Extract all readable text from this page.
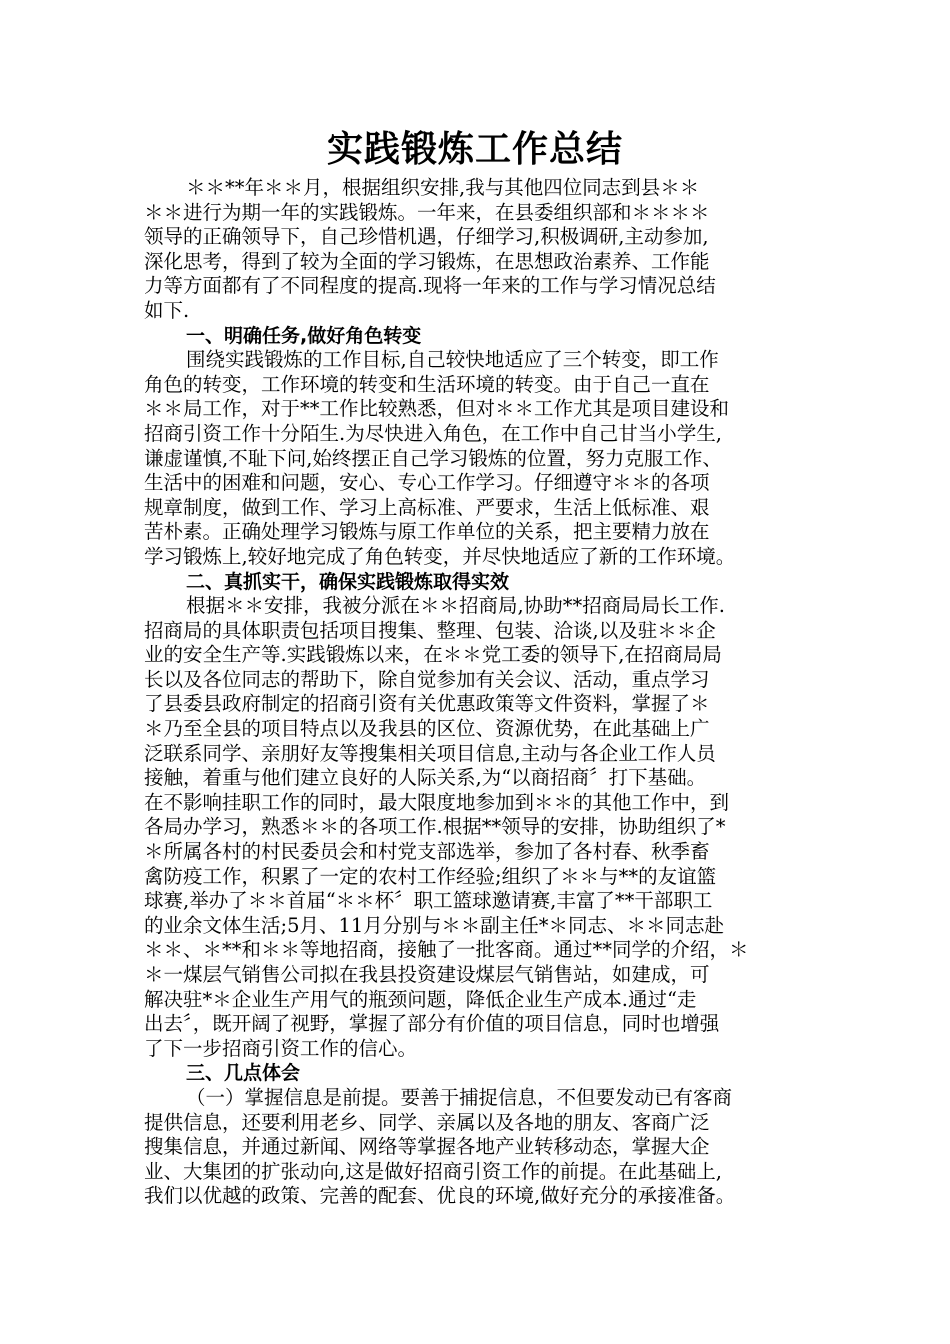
实践锻炼工作总结
＊＊**年＊＊月，根据组织安排,我与其他四位同志到县＊＊
＊＊进行为期一年的实践锻炼。一年来，在县委组织部和＊＊＊＊
领导的正确领导下，自己珍惜机遇，仔细学习,积极调研,主动参加,
深化思考，得到了较为全面的学习锻炼，在思想政治素养、工作能
力等方面都有了不同程度的提高.现将一年来的工作与学习情况总结
如下.
一、明确任务,做好角色转变
围绕实践锻炼的工作目标,自己较快地适应了三个转变，即工作
角色的转变，工作环境的转变和生活环境的转变。由于自己一直在
＊＊局工作，对于**工作比较熟悉，但对＊＊工作尤其是项目建设和
招商引资工作十分陌生.为尽快进入角色，在工作中自己甘当小学生,
谦虚谨慎,不耻下问,始终摆正自己学习锻炼的位置，努力克服工作、
生活中的困难和问题，安心、专心工作学习。仔细遵守＊＊的各项
规章制度，做到工作、学习上高标准、严要求，生活上低标准、艰
苦朴素。正确处理学习锻炼与原工作单位的关系，把主要精力放在
学习锻炼上,较好地完成了角色转变，并尽快地适应了新的工作环境。
二、真抓实干，确保实践锻炼取得实效
根据＊＊安排，我被分派在＊＊招商局,协助**招商局局长工作.
招商局的具体职责包括项目搜集、整理、包装、洽谈,以及驻＊＊企
业的安全生产等.实践锻炼以来，在＊＊党工委的领导下,在招商局局
长以及各位同志的帮助下，除自觉参加有关会议、活动，重点学习
了县委县政府制定的招商引资有关优惠政策等文件资料，掌握了＊
＊乃至全县的项目特点以及我县的区位、资源优势，在此基础上广
泛联系同学、亲朋好友等搜集相关项目信息,主动与各企业工作人员
接触，着重与他们建立良好的人际关系,为“以商招商〞打下基础。
在不影响挂职工作的同时，最大限度地参加到＊＊的其他工作中，到
各局办学习，熟悉＊＊的各项工作.根据**领导的安排，协助组织了*
＊所属各村的村民委员会和村党支部选举，参加了各村春、秋季畜
禽防疫工作，积累了一定的农村工作经验;组织了＊＊与**的友谊篮
球赛,举办了＊＊首届“＊＊杯〞职工篮球邀请赛,丰富了**干部职工
的业余文体生活;5月、11月分别与＊＊副主任*＊同志、＊＊同志赴
＊＊、＊**和＊＊等地招商，接触了一批客商。通过**同学的介绍，＊
＊一煤层气销售公司拟在我县投资建设煤层气销售站，如建成，可
解决驻*＊企业生产用气的瓶颈问题，降低企业生产成本.通过“走
出去〞，既开阔了视野，掌握了部分有价值的项目信息，同时也增强
了下一步招商引资工作的信心。
三、几点体会
（一）掌握信息是前提。要善于捕捉信息，不但要发动已有客商
提供信息，还要利用老乡、同学、亲属以及各地的朋友、客商广泛
搜集信息，并通过新闻、网络等掌握各地产业转移动态，掌握大企
业、大集团的扩张动向,这是做好招商引资工作的前提。在此基础上,
我们以优越的政策、完善的配套、优良的环境,做好充分的承接准备。
